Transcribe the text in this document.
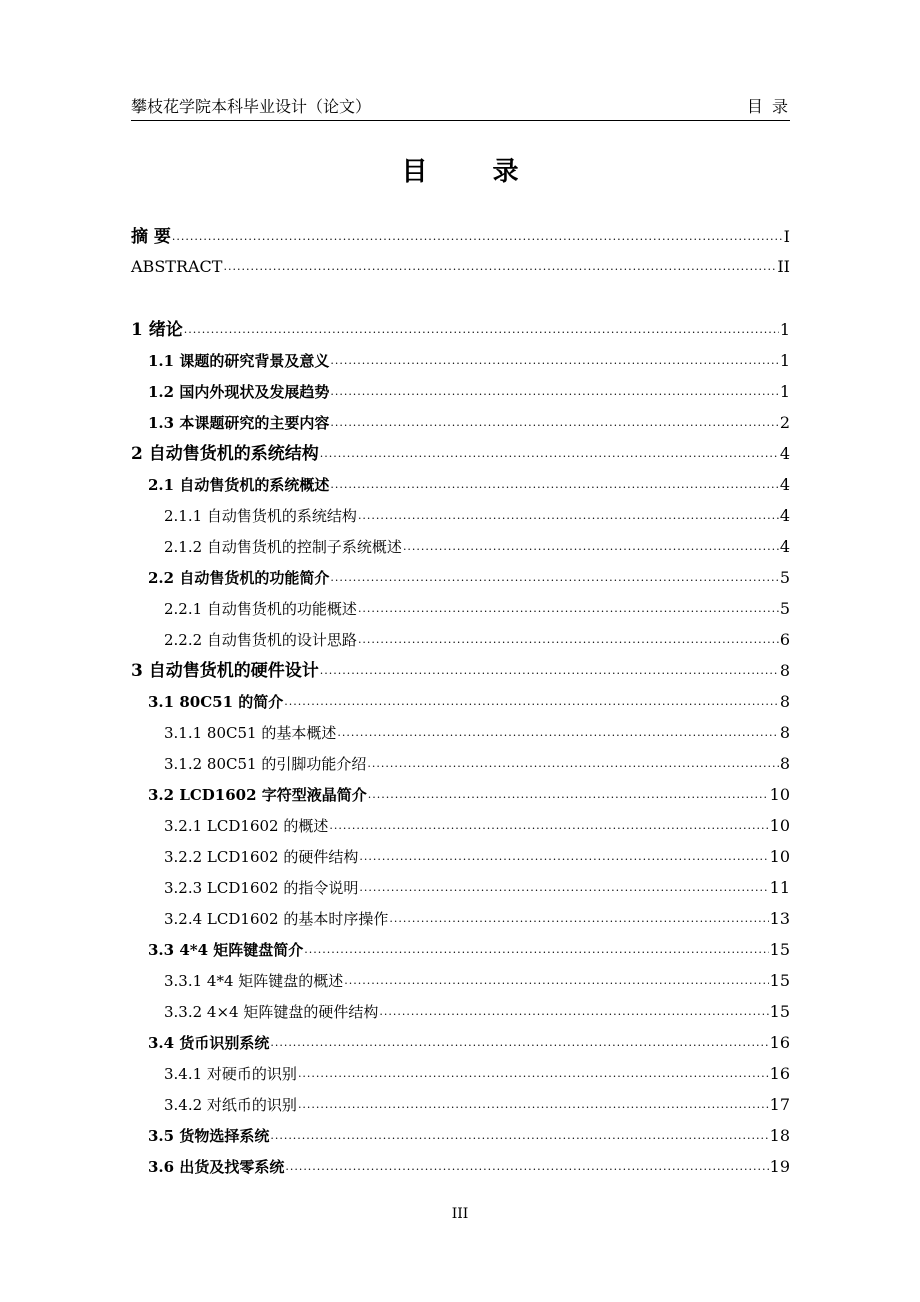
攀枝花学院本科毕业设计（论文）	目 录
目 录
摘 要 .....	I
ABSTRACT .....	II
1 绪论 .....	1
1.1 课题的研究背景及意义 .....	1
1.2 国内外现状及发展趋势 .....	1
1.3 本课题研究的主要内容 .....	2
2 自动售货机的系统结构 .....	4
2.1 自动售货机的系统概述 .....	4
2.1.1 自动售货机的系统结构 .....	4
2.1.2 自动售货机的控制子系统概述 .....	4
2.2 自动售货机的功能简介 .....	5
2.2.1 自动售货机的功能概述 .....	5
2.2.2 自动售货机的设计思路 .....	6
3 自动售货机的硬件设计 .....	8
3.1 80C51 的简介 .....	8
3.1.1 80C51 的基本概述 .....	8
3.1.2 80C51 的引脚功能介绍 .....	8
3.2 LCD1602 字符型液晶简介 .....	10
3.2.1 LCD1602 的概述 .....	10
3.2.2 LCD1602 的硬件结构 .....	10
3.2.3 LCD1602 的指令说明 .....	11
3.2.4 LCD1602 的基本时序操作 .....	13
3.3 4*4 矩阵键盘简介 .....	15
3.3.1 4*4 矩阵键盘的概述 .....	15
3.3.2 4×4 矩阵键盘的硬件结构 .....	15
3.4 货币识别系统 .....	16
3.4.1 对硬币的识别 .....	16
3.4.2 对纸币的识别 .....	17
3.5 货物选择系统 .....	18
3.6 出货及找零系统 .....	19
III
